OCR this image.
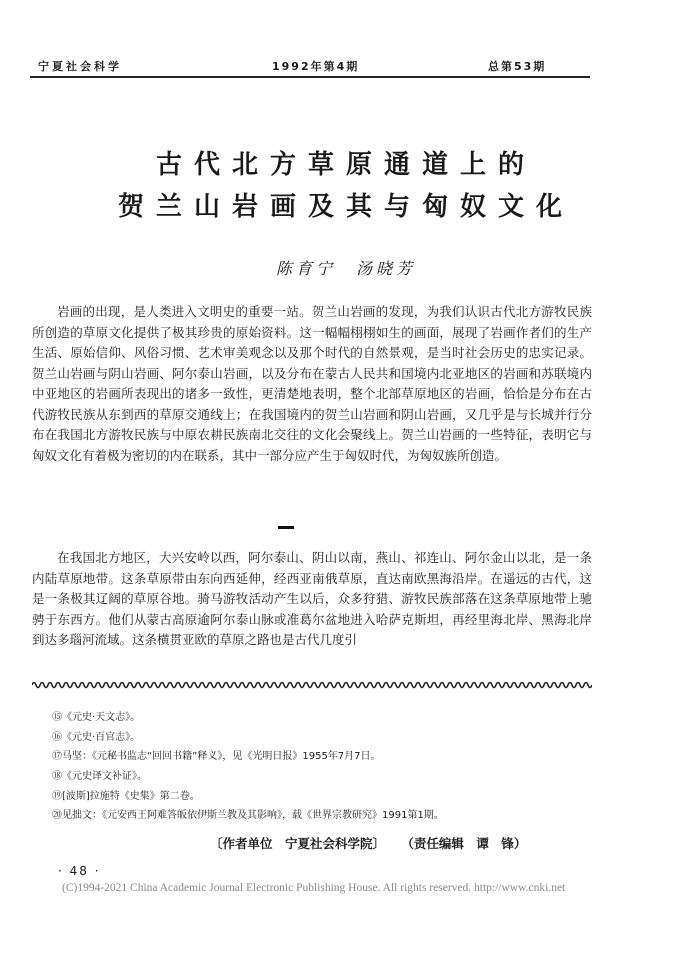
宁夏社会科学	1992年第4期	总第53期
古代北方草原通道上的
贺兰山岩画及其与匈奴文化
陈育宁　汤晓芳

岩画的出现，是人类进入文明史的重要一站。贺兰山岩画的发现，为我们认识古代北方游牧民族所创造的草原文化提供了极其珍贵的原始资料。这一幅幅栩栩如生的画面，展现了岩画作者们的生产生活、原始信仰、风俗习惯、艺术审美观念以及那个时代的自然景观，是当时社会历史的忠实记录。贺兰山岩画与阴山岩画、阿尔泰山岩画，以及分布在蒙古人民共和国境内北亚地区的岩画和苏联境内中亚地区的岩画所表现出的诸多一致性，更清楚地表明，整个北部草原地区的岩画，恰恰是分布在古代游牧民族从东到西的草原交通线上；在我国境内的贺兰山岩画和阴山岩画，又几乎是与长城并行分布在我国北方游牧民族与中原农耕民族南北交往的文化会聚线上。贺兰山岩画的一些特征，表明它与匈奴文化有着极为密切的内在联系，其中一部分应产生于匈奴时代，为匈奴族所创造。

在我国北方地区，大兴安岭以西，阿尔泰山、阴山以南，燕山、祁连山、阿尔金山以北，是一条内陆草原地带。这条草原带由东向西延伸，经西亚南俄草原，直达南欧黑海沿岸。在遥远的古代，这是一条极其辽阔的草原谷地。骑马游牧活动产生以后，众多狩猎、游牧民族部落在这条草原地带上驰骋于东西方。他们从蒙古高原逾阿尔泰山脉或准葛尔盆地进入哈萨克斯坦，再经里海北岸、黑海北岸到达多瑙河流域。这条横贯亚欧的草原之路也是古代几度引

⑮《元史·天文志》。
⑯《元史·百官志》。
⑰马坚：《元秘书监志“回回书籍”释义》，见《光明日报》1955年7月7日。
⑱《元史译文补证》。
⑲[波斯]拉施特《史集》第二卷。
⑳见拙文：《元安西王阿难答皈依伊斯兰教及其影响》，载《世界宗教研究》1991第1期。
〔作者单位　宁夏社会科学院〕 （责任编辑　谭　锋）
· 48 ·
(C)1994-2021 China Academic Journal Electronic Publishing House. All rights reserved. http://www.cnki.net
